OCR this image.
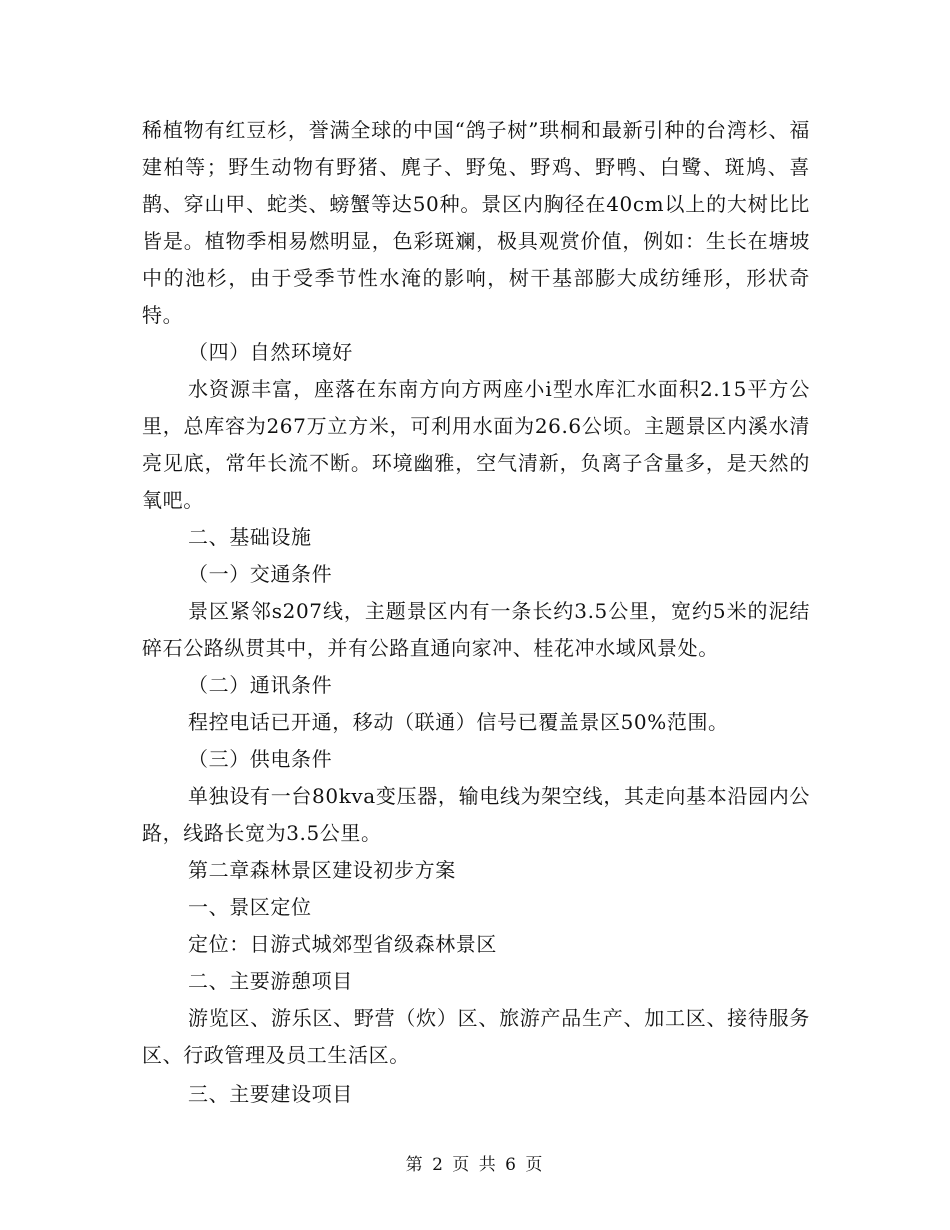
稀植物有红豆杉，誉满全球的中国“鸽子树”珙桐和最新引种的台湾杉、福建柏等；野生动物有野猪、麂子、野兔、野鸡、野鸭、白鹭、斑鸠、喜鹊、穿山甲、蛇类、螃蟹等达50种。景区内胸径在40cm以上的大树比比皆是。植物季相易燃明显，色彩斑斓，极具观赏价值，例如：生长在塘坡中的池杉，由于受季节性水淹的影响，树干基部膨大成纺缍形，形状奇特。

（四）自然环境好

水资源丰富，座落在东南方向方两座小ⅰ型水库汇水面积2.15平方公里，总库容为267万立方米，可利用水面为26.6公顷。主题景区内溪水清亮见底，常年长流不断。环境幽雅，空气清新，负离子含量多，是天然的氧吧。

二、基础设施

（一）交通条件

景区紧邻s207线，主题景区内有一条长约3.5公里，宽约5米的泥结碎石公路纵贯其中，并有公路直通向家冲、桂花冲水域风景处。

（二）通讯条件

程控电话已开通，移动（联通）信号已覆盖景区50%范围。

（三）供电条件

单独设有一台80kva变压器，输电线为架空线，其走向基本沿园内公路，线路长宽为3.5公里。

第二章森林景区建设初步方案

一、景区定位

定位：日游式城郊型省级森林景区

二、主要游憩项目

游览区、游乐区、野营（炊）区、旅游产品生产、加工区、接待服务区、行政管理及员工生活区。

三、主要建设项目

第 2 页 共 6 页
